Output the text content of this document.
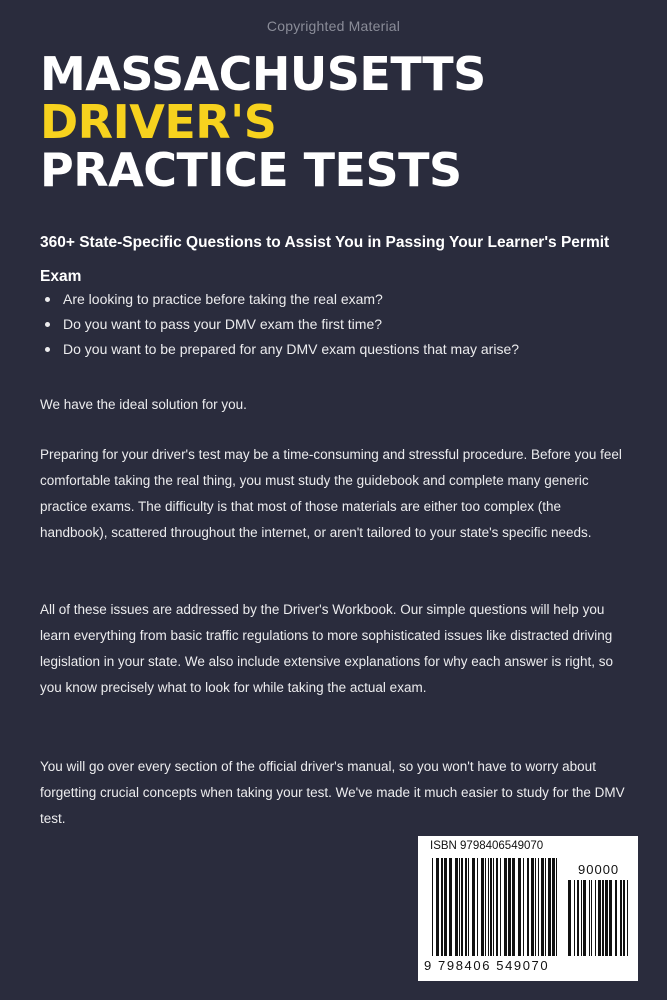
Copyrighted Material
MASSACHUSETTS
DRIVER'S
PRACTICE TESTS
360+ State-Specific Questions to Assist You in Passing Your Learner's Permit Exam
Are looking to practice before taking the real exam?
Do you want to pass your DMV exam the first time?
Do you want to be prepared for any DMV exam questions that may arise?
We have the ideal solution for you.
Preparing for your driver's test may be a time-consuming and stressful procedure. Before you feel comfortable taking the real thing, you must study the guidebook and complete many generic practice exams. The difficulty is that most of those materials are either too complex (the handbook), scattered throughout the internet, or aren't tailored to your state's specific needs.
All of these issues are addressed by the Driver's Workbook. Our simple questions will help you learn everything from basic traffic regulations to more sophisticated issues like distracted driving legislation in your state. We also include extensive explanations for why each answer is right, so you know precisely what to look for while taking the actual exam.
You will go over every section of the official driver's manual, so you won't have to worry about forgetting crucial concepts when taking your test. We've made it much easier to study for the DMV test.
ISBN 9798406549070
90000
9 798406 549070
